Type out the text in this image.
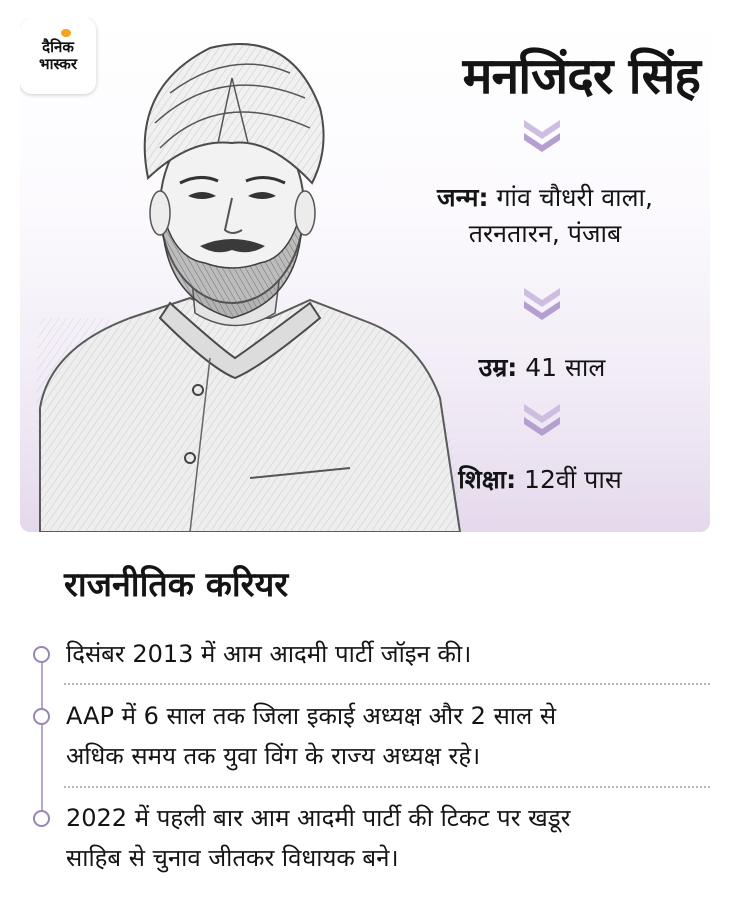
दैनिक
भास्कर	मनजिंदर सिंह
जन्म: गांव चौधरी वाला,
तरनतारन, पंजाब
उम्र: 41 साल
शिक्षा: 12वीं पास
राजनीतिक करियर
दिसंबर 2013 में आम आदमी पार्टी जॉइन की।
AAP में 6 साल तक जिला इकाई अध्यक्ष और 2 साल से
अधिक समय तक युवा विंग के राज्य अध्यक्ष रहे।
2022 में पहली बार आम आदमी पार्टी की टिकट पर खडूर
साहिब से चुनाव जीतकर विधायक बने।
